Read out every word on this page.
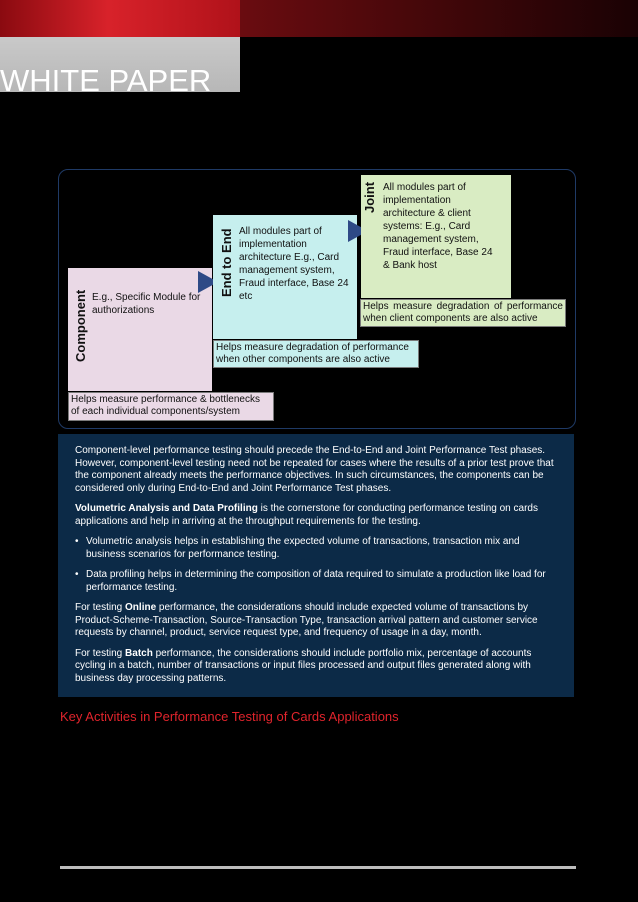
WHITE PAPER
Component E.g., Specific Module for authorizations
Helps measure performance & bottlenecks of each individual components/system
End to End All modules part of implementation architecture E.g., Card management system, Fraud interface, Base 24 etc
Helps measure degradation of performance when other components are also active
Joint All modules part of implementation architecture & client systems: E.g., Card management system, Fraud interface, Base 24 & Bank host
Helps measure degradation of performance when client components are also active

Component-level performance testing should precede the End-to-End and Joint Performance Test phases. However, component-level testing need not be repeated for cases where the results of a prior test prove that the component already meets the performance objectives. In such circumstances, the components can be considered only during End-to-End and Joint Performance Test phases.

Volumetric Analysis and Data Profiling is the cornerstone for conducting performance testing on cards applications and help in arriving at the throughput requirements for the testing.

• Volumetric analysis helps in establishing the expected volume of transactions, transaction mix and business scenarios for performance testing.

• Data profiling helps in determining the composition of data required to simulate a production like load for performance testing.

For testing Online performance, the considerations should include expected volume of transactions by Product-Scheme-Transaction, Source-Transaction Type, transaction arrival pattern and customer service requests by channel, product, service request type, and frequency of usage in a day, month.

For testing Batch performance, the considerations should include portfolio mix, percentage of accounts cycling in a batch, number of transactions or input files processed and output files generated along with business day processing patterns.

Key Activities in Performance Testing of Cards Applications
